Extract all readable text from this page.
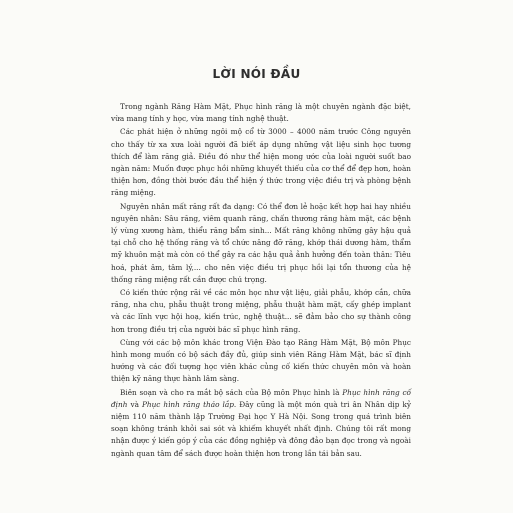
LỜI NÓI ĐẦU

Trong ngành Răng Hàm Mặt, Phục hình răng là một chuyên ngành đặc biệt, vừa mang tính y học, vừa mang tính nghệ thuật.

Các phát hiện ở những ngôi mộ cổ từ 3000 – 4000 năm trước Công nguyên cho thấy từ xa xưa loài người đã biết áp dụng những vật liệu sinh học tương thích để làm răng giả. Điều đó như thể hiện mong ước của loài người suốt bao ngàn năm: Muốn được phục hồi những khuyết thiếu của cơ thể để đẹp hơn, hoàn thiện hơn, đồng thời bước đầu thể hiện ý thức trong việc điều trị và phòng bệnh răng miệng.

Nguyên nhân mất răng rất đa dạng: Có thể đơn lẻ hoặc kết hợp hai hay nhiều nguyên nhân: Sâu răng, viêm quanh răng, chấn thương răng hàm mặt, các bệnh lý vùng xương hàm, thiểu răng bẩm sinh... Mất răng không những gây hậu quả tại chỗ cho hệ thống răng và tổ chức nâng đỡ răng, khớp thái dương hàm, thẩm mỹ khuôn mặt mà còn có thể gây ra các hậu quả ảnh hưởng đến toàn thân: Tiêu hoá, phát âm, tâm lý,... cho nên việc điều trị phục hồi lại tổn thương của hệ thống răng miệng rất cần được chú trọng.

Có kiến thức rộng rãi về các môn học như vật liệu, giải phẫu, khớp cắn, chữa răng, nha chu, phẫu thuật trong miệng, phẫu thuật hàm mặt, cấy ghép implant và các lĩnh vực hội hoạ, kiến trúc, nghệ thuật... sẽ đảm bảo cho sự thành công hơn trong điều trị của người bác sĩ phục hình răng.

Cùng với các bộ môn khác trong Viện Đào tạo Răng Hàm Mặt, Bộ môn Phục hình mong muốn có bộ sách đầy đủ, giúp sinh viên Răng Hàm Mặt, bác sĩ định hướng và các đối tượng học viên khác củng cố kiến thức chuyên môn và hoàn thiện kỹ năng thực hành lâm sàng.

Biên soạn và cho ra mắt bộ sách của Bộ môn Phục hình là Phục hình răng cố định và Phục hình răng tháo lắp. Đây cũng là một món quà tri ân Nhân dịp kỷ niệm 110 năm thành lập Trường Đại học Y Hà Nội. Song trong quá trình biên soạn không tránh khỏi sai sót và khiếm khuyết nhất định. Chúng tôi rất mong nhận được ý kiến góp ý của các đồng nghiệp và đông đảo bạn đọc trong và ngoài ngành quan tâm để sách được hoàn thiện hơn trong lần tái bản sau.
